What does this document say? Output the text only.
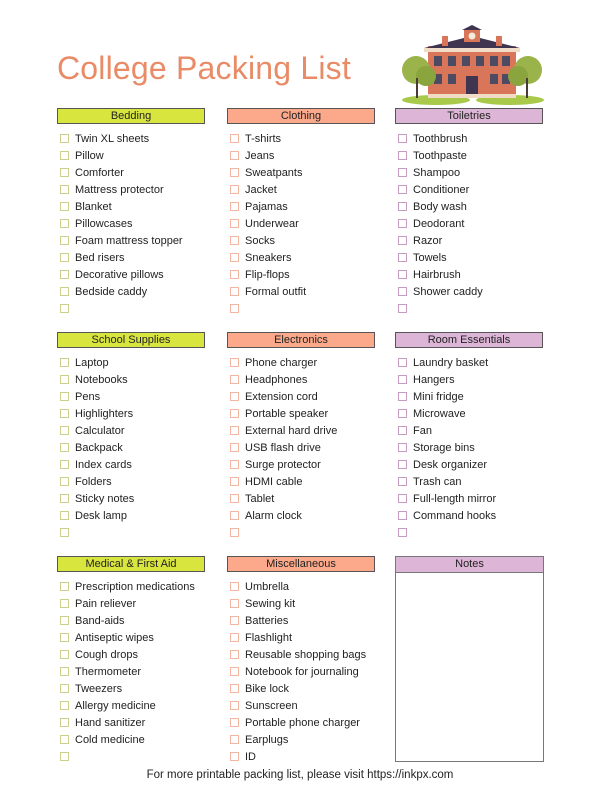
College Packing List
Bedding
Twin XL sheets
Pillow
Comforter
Mattress protector
Blanket
Pillowcases
Foam mattress topper
Bed risers
Decorative pillows
Bedside caddy
Clothing
T-shirts
Jeans
Sweatpants
Jacket
Pajamas
Underwear
Socks
Sneakers
Flip-flops
Formal outfit
Toiletries
Toothbrush
Toothpaste
Shampoo
Conditioner
Body wash
Deodorant
Razor
Towels
Hairbrush
Shower caddy
School Supplies
Laptop
Notebooks
Pens
Highlighters
Calculator
Backpack
Index cards
Folders
Sticky notes
Desk lamp
Electronics
Phone charger
Headphones
Extension cord
Portable speaker
External hard drive
USB flash drive
Surge protector
HDMI cable
Tablet
Alarm clock
Room Essentials
Laundry basket
Hangers
Mini fridge
Microwave
Fan
Storage bins
Desk organizer
Trash can
Full-length mirror
Command hooks
Medical & First Aid
Prescription medications
Pain reliever
Band-aids
Antiseptic wipes
Cough drops
Thermometer
Tweezers
Allergy medicine
Hand sanitizer
Cold medicine
Miscellaneous
Umbrella
Sewing kit
Batteries
Flashlight
Reusable shopping bags
Notebook for journaling
Bike lock
Sunscreen
Portable phone charger
Earplugs
ID
Notes
For more printable packing list, please visit https://inkpx.com
